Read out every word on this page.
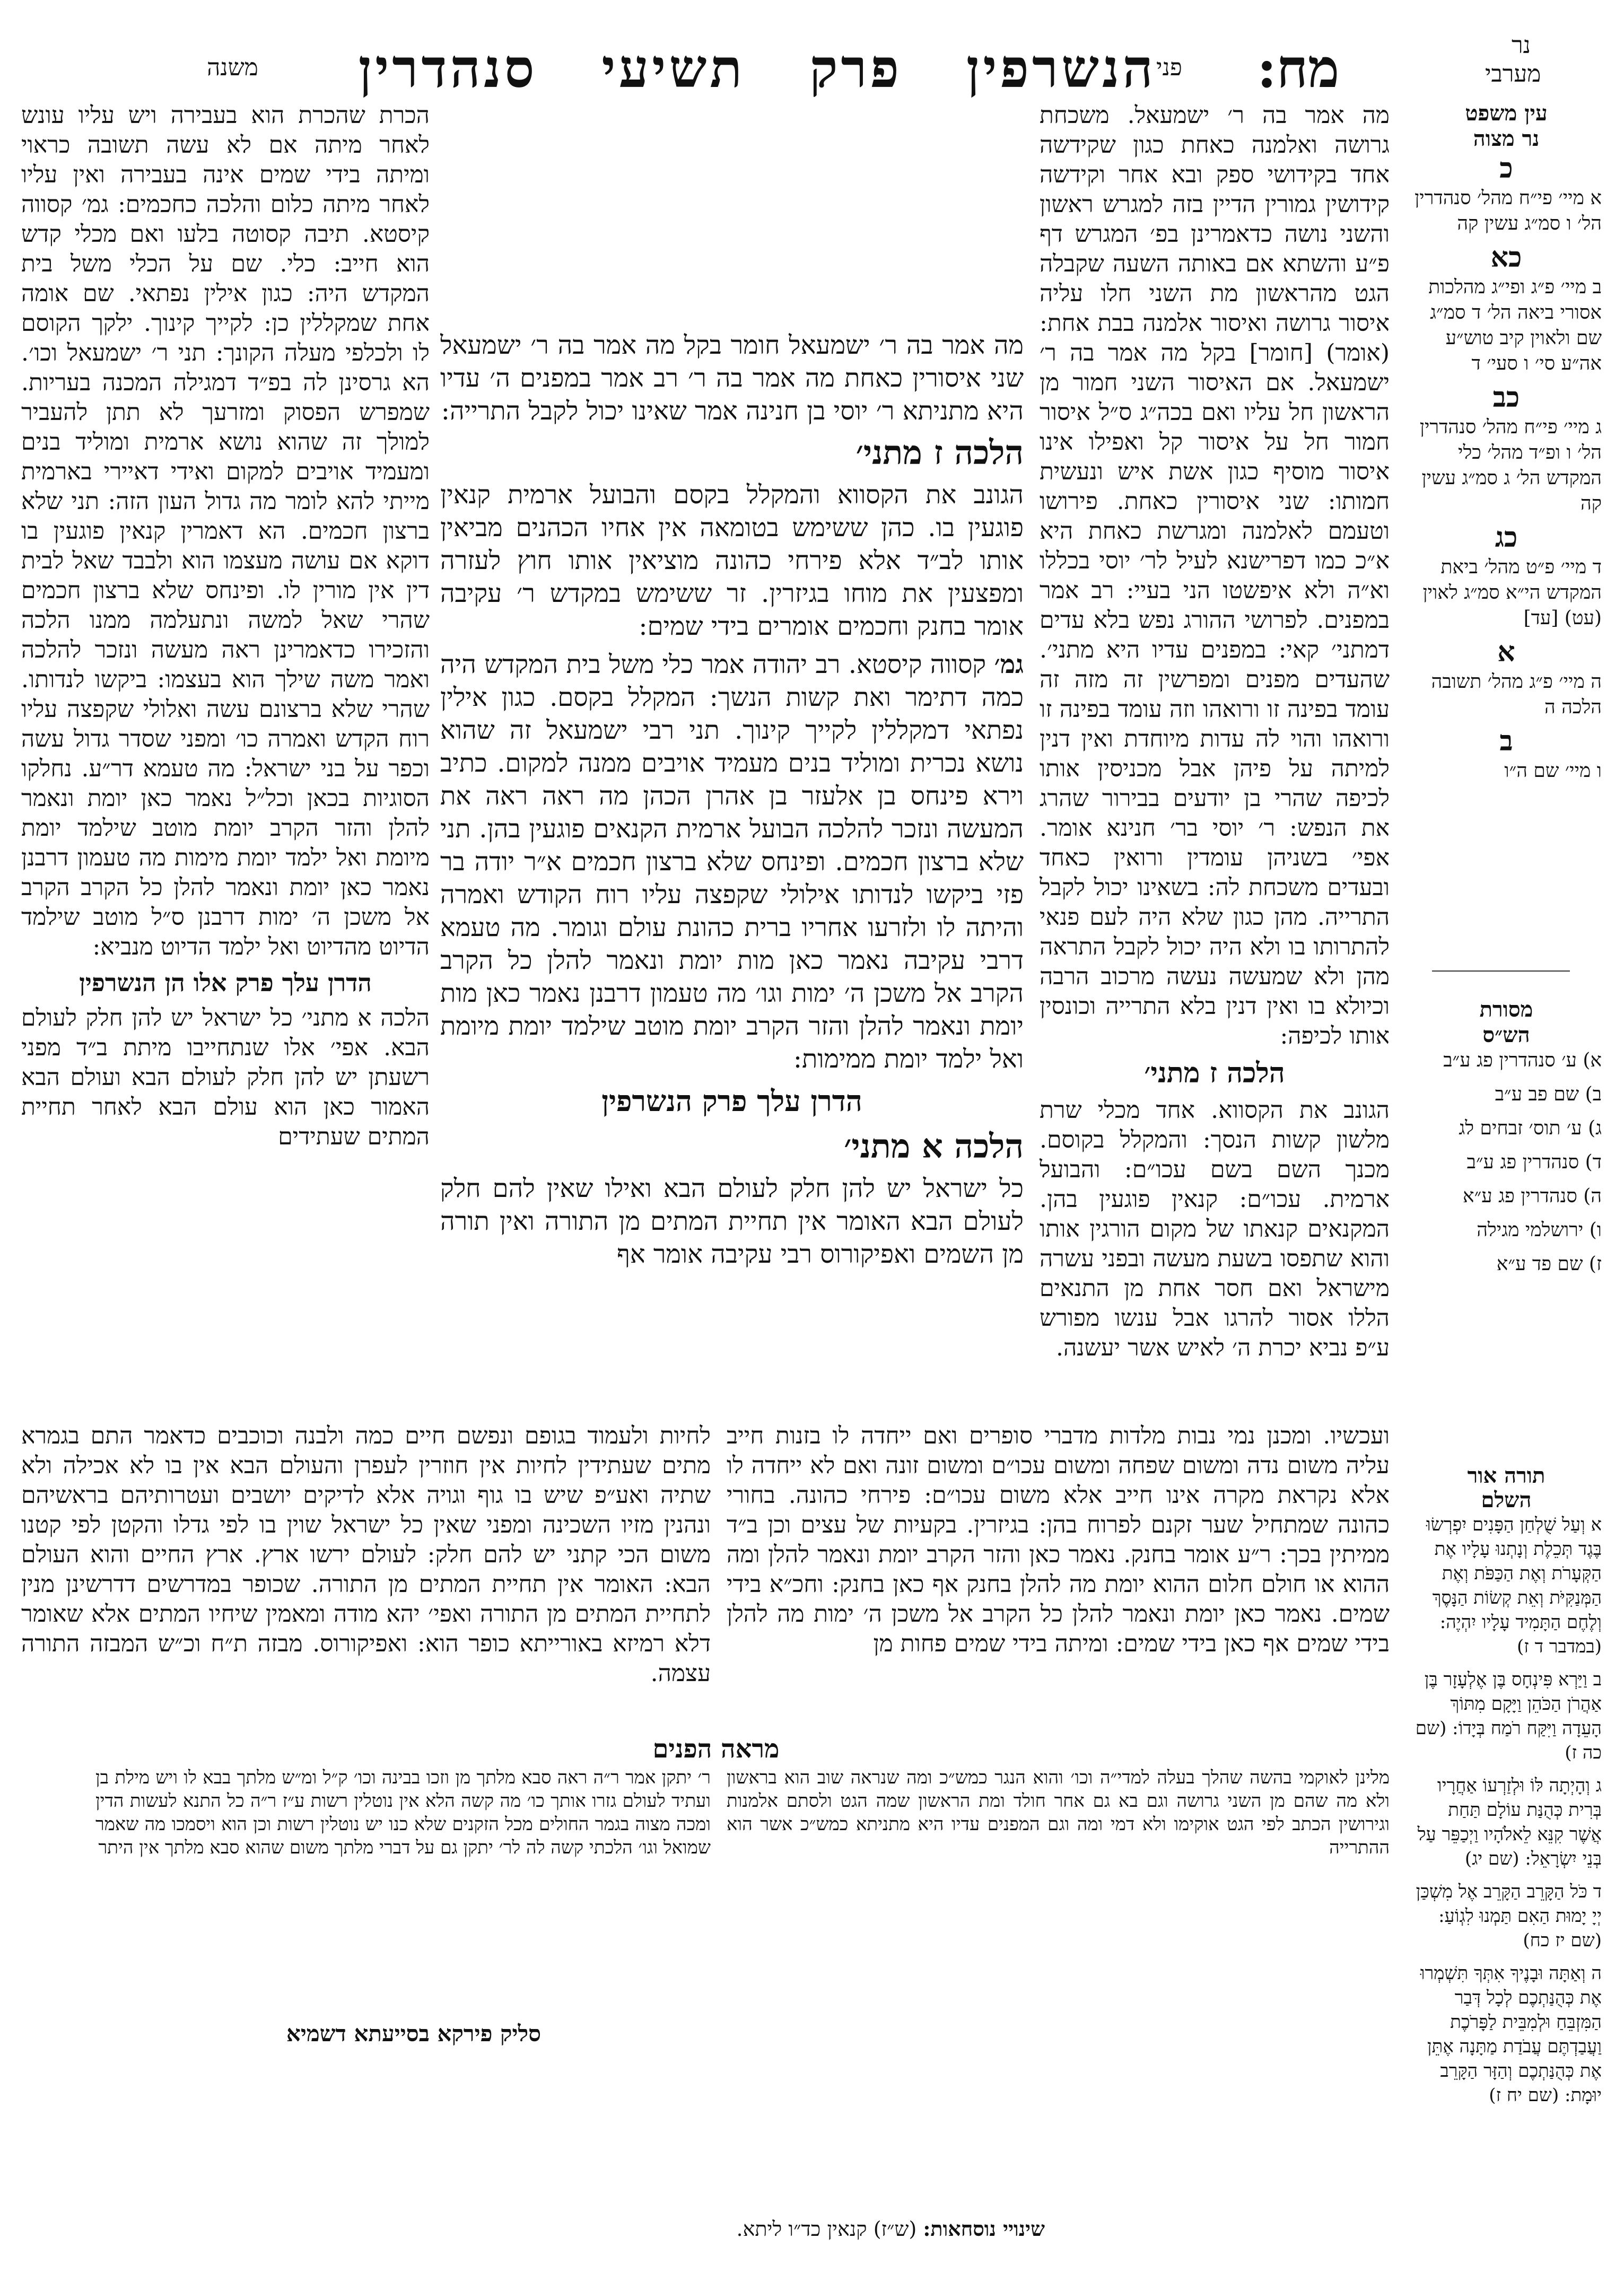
נר
מערבי
מח:
פני
הנשרפין פרק תשיעי סנהדרין
משנה
עין משפט
נר מצוה
כ
א מיי׳ פי״ח מהל׳ סנהדרין הל׳ ו סמ״ג עשין קה
כא
ב מיי׳ פ״ג ופי״ג מהלכות אסורי ביאה הל׳ ד סמ״ג שם ולאוין קיב טוש״ע אה״ע סי׳ ו סעי׳ ד
כב
ג מיי׳ פי״ח מהל׳ סנהדרין הל׳ ו ופ״ד מהל׳ כלי המקדש הל׳ ג סמ״ג עשין קה
כג
ד מיי׳ פ״ט מהל׳ ביאת המקדש הי״א סמ״ג לאוין (עט) [עד]
א
ה מיי׳ פ״ג מהל׳ תשובה הלכה ה
ב
ו מיי׳ שם ה״ו
מסורת
הש״ס
א) ע׳ סנהדרין פג ע״ב
ב) שם פב ע״ב
ג) ע׳ תוס׳ זבחים לג
ד) סנהדרין פג ע״ב
ה) סנהדרין פג ע״א
ו) ירושלמי מגילה
ז) שם פד ע״א
תורה אור
השלם
א וְעַל שֻׁלְחַן הַפָּנִים יִפְרְשׂוּ בֶּגֶד תְּכֵלֶת וְנָתְנוּ עָלָיו אֶת הַקְּעָרֹת וְאֶת הַכַּפֹּת וְאֶת הַמְּנַקִּיֹּת וְאֵת קְשׂוֹת הַנָּסֶךְ וְלֶחֶם הַתָּמִיד עָלָיו יִהְיֶה: (במדבר ד ז)
ב וַיַּרְא פִּינְחָס בֶּן אֶלְעָזָר בֶּן אַהֲרֹן הַכֹּהֵן וַיָּקָם מִתּוֹךְ הָעֵדָה וַיִּקַּח רֹמַח בְּיָדוֹ: (שם כה ז)
ג וְהָיְתָה לּוֹ וּלְזַרְעוֹ אַחֲרָיו בְּרִית כְּהֻנַּת עוֹלָם תַּחַת אֲשֶׁר קִנֵּא לֵאלֹהָיו וַיְכַפֵּר עַל בְּנֵי יִשְׂרָאֵל: (שם יג)
ד כֹּל הַקָּרֵב הַקָּרֵב אֶל מִשְׁכַּן יְיָ יָמוּת הַאִם תַּמְנוּ לִגְוֹעַ: (שם יז כח)
ה וְאַתָּה וּבָנֶיךָ אִתְּךָ תִּשְׁמְרוּ אֶת כְּהֻנַּתְכֶם לְכָל דְּבַר הַמִּזְבֵּחַ וּלְמִבֵּית לַפָּרֹכֶת וַעֲבַדְתֶּם עֲבֹדַת מַתָּנָה אֶתֵּן אֶת כְּהֻנַּתְכֶם וְהַזָּר הַקָּרֵב יוּמָת: (שם יח ז)

מה אמר בה ר׳ ישמעאל. משכחת גרושה ואלמנה כאחת כגון שקידשה אחד בקידושי ספק ובא אחר וקידשה קידושין גמורין הדיין בזה למגרש ראשון והשני נושה כדאמרינן בפ׳ המגרש דף פ״ע והשתא אם באותה השעה שקבלה הגט מהראשון מת השני חלו עליה איסור גרושה ואיסור אלמנה בבת אחת: (אומר) [חומר] בקל מה אמר בה ר׳ ישמעאל. אם האיסור השני חמור מן הראשון חל עליו ואם בכה״ג ס״ל איסור חמור חל על איסור קל ואפילו אינו איסור מוסיף כגון אשת איש ונעשית חמותו: שני איסורין כאחת. פירושו וטעמם לאלמנה ומגרשת כאחת היא א״כ כמו דפרישנא לעיל לר׳ יוסי בכללו וא״ה ולא איפשטו הני בעיי: רב אמר במפנים. לפרושי ההורג נפש בלא עדים דמתני׳ קאי: במפנים עדיו היא מתני׳. שהעדים מפנים ומפרשין זה מזה זה עומד בפינה זו ורואהו וזה עומד בפינה זו ורואהו והוי לה עדות מיוחדת ואין דנין למיתה על פיהן אבל מכניסין אותו לכיפה שהרי בן יודעים בבירור שהרג את הנפש: ר׳ יוסי בר׳ חנינא אומר. אפי׳ בשניהן עומדין ורואין כאחד ובעדים משכחת לה: בשאינו יכול לקבל התרייה. מהן כגון שלא היה לעם פנאי להתרותו בו ולא היה יכול לקבל התראה מהן ולא שמעשה נעשה מרכוב הרבה וכיולא בו ואין דנין בלא התרייה וכונסין אותו לכיפה:

הלכה ז מתני׳

הגונב את הקסווא. אחד מכלי שרת מלשון קשות הנסך: והמקלל בקוסם. מכנך השם בשם עכו״ם: והבועל ארמית. עכו״ם: קנאין פוגעין בהן. המקנאים קנאתו של מקום הורגין אותו והוא שתפסו בשעת מעשה ובפני עשרה מישראל ואם חסר אחת מן התנאים הללו אסור להרגו אבל ענשו מפורש ע״פ נביא יכרת ה׳ לאיש אשר יעשנה.

מה אמר בה ר׳ ישמעאל חומר בקל מה אמר בה ר׳ ישמעאל שני איסורין כאחת מה אמר בה ר׳ רב אמר במפנים ה׳ עדיו היא מתניתא ר׳ יוסי בן חנינה אמר שאינו יכול לקבל התרייה:

הלכה ז מתני׳

הגונב את הקסווא והמקלל בקסם והבועל ארמית קנאין פוגעין בו. כהן ששימש בטומאה אין אחיו הכהנים מביאין אותו לב״ד אלא פירחי כהונה מוציאין אותו חוץ לעזרה ומפצעין את מוחו בגיזרין. זר ששימש במקדש ר׳ עקיבה אומר בחנק וחכמים אומרים בידי שמים:

גמ׳ קסווה קיסטא. רב יהודה אמר כלי משל בית המקדש היה כמה דתימר ואת קשות הנשך: המקלל בקסם. כגון אילין נפתאי דמקללין לקייך קינוך. תני רבי ישמעאל זה שהוא נושא נכרית ומוליד בנים מעמיד אויבים ממנה למקום. כתיב וירא פינחס בן אלעזר בן אהרן הכהן מה ראה ראה את המעשה ונזכר להלכה הבועל ארמית הקנאים פוגעין בהן. תני שלא ברצון חכמים. ופינחס שלא ברצון חכמים א״ר יודה בר פזי ביקשו לנדותו אילולי שקפצה עליו רוח הקודש ואמרה והיתה לו ולזרעו אחריו ברית כהונת עולם וגומר. מה טעמא דרבי עקיבה נאמר כאן מות יומת ונאמר להלן כל הקרב הקרב אל משכן ה׳ ימות וגו׳ מה טעמון דרבנן נאמר כאן מות יומת ונאמר להלן והזר הקרב יומת מוטב שילמד יומת מיומת ואל ילמד יומת ממימות:

הדרן עלך פרק הנשרפין

הלכה א מתני׳

כל ישראל יש להן חלק לעולם הבא ואילו שאין להם חלק לעולם הבא האומר אין תחיית המתים מן התורה ואין תורה מן השמים ואפיקורוס רבי עקיבה אומר אף

הכרת שהכרת הוא בעבירה ויש עליו עונש לאחר מיתה אם לא עשה תשובה כראוי ומיתה בידי שמים אינה בעבירה ואין עליו לאחר מיתה כלום והלכה כחכמים: גמ׳ קסווה קיסטא. תיבה קסוטה בלעו ואם מכלי קדש הוא חייב: כלי. שם על הכלי משל בית המקדש היה: כגון אילין נפתאי. שם אומה אחת שמקללין כן: לקייך קינוך. ילקך הקוסם לו ולכלפי מעלה הקונך: תני ר׳ ישמעאל וכו׳. הא גרסינן לה בפ״ד דמגילה המכנה בעריות. שמפרש הפסוק ומזרעך לא תתן להעביר למולך זה שהוא נושא ארמית ומוליד בנים ומעמיד אויבים למקום ואידי דאיירי בארמית מייתי להא לומר מה גדול העון הזה: תני שלא ברצון חכמים. הא דאמרין קנאין פוגעין בו דוקא אם עושה מעצמו הוא ולבבד שאל לבית דין אין מורין לו. ופינחס שלא ברצון חכמים שהרי שאל למשה ונתעלמה ממנו הלכה והזכירו כדאמרינן ראה מעשה ונזכר להלכה ואמר משה שילך הוא בעצמו: ביקשו לנדותו. שהרי שלא ברצונם עשה ואלולי שקפצה עליו רוח הקדש ואמרה כו׳ ומפני שסדר גדול עשה וכפר על בני ישראל: מה טעמא דר״ע. נחלקו הסוגיות בכאן וכל״ל נאמר כאן יומת ונאמר להלן והזר הקרב יומת מוטב שילמד יומת מיומת ואל ילמד יומת מימות מה טעמון דרבנן נאמר כאן יומת ונאמר להלן כל הקרב הקרב אל משכן ה׳ ימות דרבנן ס״ל מוטב שילמד הדיוט מהדיוט ואל ילמד הדיוט מנביא:

הדרן עלך פרק אלו הן הנשרפין

הלכה א מתני׳ כל ישראל יש להן חלק לעולם הבא. אפי׳ אלו שנתחייבו מיתת ב״ד מפני רשעתן יש להן חלק לעולם הבא ועולם הבא האמור כאן הוא עולם הבא לאחר תחיית המתים שעתידים

ועכשיו. ומכנן נמי נבות מלדות מדברי סופרים ואם ייחדה לו בזנות חייב עליה משום נדה ומשום שפחה ומשום עכו״ם ומשום זונה ואם לא ייחדה לו אלא נקראת מקרה אינו חייב אלא משום עכו״ם: פירחי כהונה. בחורי כהונה שמתחיל שער זקנם לפרוח בהן: בגיזרין. בקעיות של עצים וכן ב״ד ממיתין בכך: ר״ע אומר בחנק. נאמר כאן והזר הקרב יומת ונאמר להלן ומה ההוא או חולם חלום ההוא יומת מה להלן בחנק אף כאן בחנק: וחכ״א בידי שמים. נאמר כאן יומת ונאמר להלן כל הקרב אל משכן ה׳ ימות מה להלן בידי שמים אף כאן בידי שמים: ומיתה בידי שמים פחות מן
לחיות ולעמוד בגופם ונפשם חיים כמה ולבנה וכוכבים כדאמר התם בגמרא מתים שעתידין לחיות אין חוזרין לעפרן והעולם הבא אין בו לא אכילה ולא שתיה ואע״פ שיש בו גוף וגויה אלא לדיקים יושבים ועטרותיהם בראשיהם ונהנין מזיו השכינה ומפני שאין כל ישראל שוין בו לפי גדלו והקטן לפי קטנו משום הכי קתני יש להם חלק: לעולם ירשו ארץ. ארץ החיים והוא העולם הבא: האומר אין תחיית המתים מן התורה. שכופר במדרשים דדרשינן מנין לתחיית המתים מן התורה ואפי׳ יהא מודה ומאמין שיחיו המתים אלא שאומר דלא רמיזא באורייתא כופר הוא: ואפיקורוס. מבזה ת״ח וכ״ש המבזה התורה עצמה.
מראה הפנים
מלינן לאוקמי בהשה שהלך בעלה למדי״ה וכו׳ והוא הנגר כמש״כ ומה שנראה שוב הוא בראשון ולא מה שהם מן השני גרושה וגם בא גם אחר חולד ומת הראשון שמה הגט ולסתם אלמנות וגירושין הכתב לפי הגט אוקימו ולא דמי ומה וגם המפנים עדיו היא מתניתא כמש״כ אשר הוא ההתרייה
ר׳ יתקן אמר ר״ה ראה סבא מלתך מן וזכו בבינה וכו׳ ק״ל ומ״ש מלתך בבא לו ויש מילת בן ועתיד לעולם גזרו אותך כו׳ מה קשה הלא אין נוטלין רשות ע״ז ר״ה כל התנא לעשות הדין ומכה מצוה בגמר החולים מכל הזקנים שלא כנו יש נוטלין רשות וכן הוא ויסמכו מה שאמר שמואל וגו׳ הלכתי קשה לה לר׳ יתקן גם על דברי מלתך משום שהוא סבא מלתך אין היתר
סליק פירקא בסייעתא דשמיא
שינויי נוסחאות: (ש״ז) קנאין כד״ו ליתא.
